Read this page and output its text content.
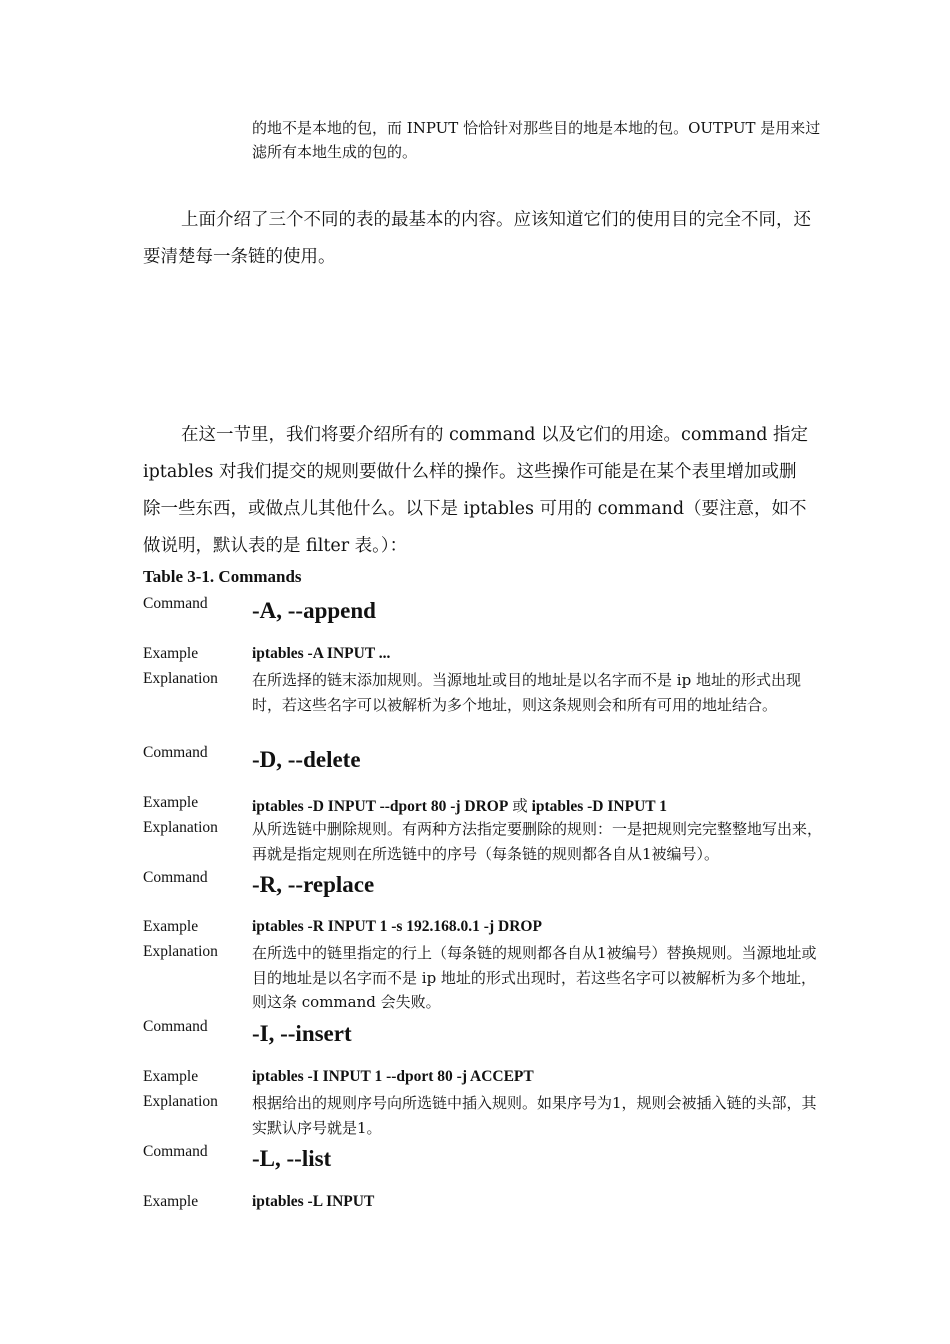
的地不是本地的包，而 INPUT 恰恰针对那些目的地是本地的包。OUTPUT 是用来过滤所有本地生成的包的。
上面介绍了三个不同的表的最基本的内容。应该知道它们的使用目的完全不同，还要清楚每一条链的使用。
在这一节里，我们将要介绍所有的 command 以及它们的用途。command 指定 iptables 对我们提交的规则要做什么样的操作。这些操作可能是在某个表里增加或删除一些东西，或做点儿其他什么。以下是 iptables 可用的 command（要注意，如不做说明，默认表的是 filter 表。）：
Table 3-1. Commands
Command -A, --append
Example	iptables -A INPUT ...
Explanation 在所选择的链末添加规则。当源地址或目的地址是以名字而不是 ip 地址的形式出现时，若这些名字可以被解析为多个地址，则这条规则会和所有可用的地址结合。
Command -D, --delete
Example	iptables -D INPUT --dport 80 -j DROP 或 iptables -D INPUT 1
Explanation 从所选链中删除规则。有两种方法指定要删除的规则：一是把规则完完整整地写出来，再就是指定规则在所选链中的序号（每条链的规则都各自从1被编号）。
Command -R, --replace
Example	iptables -R INPUT 1 -s 192.168.0.1 -j DROP
Explanation 在所选中的链里指定的行上（每条链的规则都各自从1被编号）替换规则。当源地址或目的地址是以名字而不是 ip 地址的形式出现时，若这些名字可以被解析为多个地址，则这条 command 会失败。
Command -I, --insert
Example	iptables -I INPUT 1 --dport 80 -j ACCEPT
Explanation 根据给出的规则序号向所选链中插入规则。如果序号为1，规则会被插入链的头部，其实默认序号就是1。
Command -L, --list
Example	iptables -L INPUT
